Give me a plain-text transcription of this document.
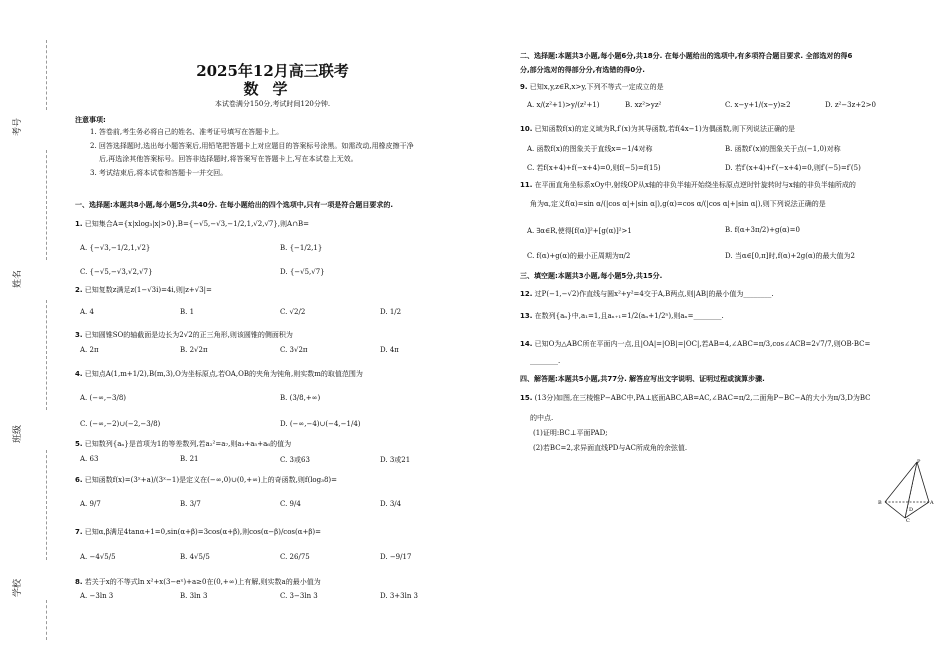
考号
姓名
班级
学校
2025年12月高三联考
数学
本试卷满分150分,考试时间120分钟.
注意事项:
1. 答卷前,考生务必将自己的姓名、准考证号填写在答题卡上。
2. 回答选择题时,选出每小题答案后,用铅笔把答题卡上对应题目的答案标号涂黑。如需改动,用橡皮擦干净
后,再选涂其他答案标号。回答非选择题时,将答案写在答题卡上,写在本试卷上无效。
3. 考试结束后,将本试卷和答题卡一并交回。
一、选择题:本题共8小题,每小题5分,共40分. 在每小题给出的四个选项中,只有一项是符合题目要求的.
1. 已知集合A={x|xlog₃|x|>0},B={−√5,−√3,−1/2,1,√2,√7},则A∩B=
A. {−√3,−1/2,1,√2}	B. {−1/2,1}
C. {−√5,−√3,√2,√7}	D. {−√5,√7}
2. 已知复数z满足z(1−√3i)=4i,则|z+√3|=
A. 4	B. 1	C. √2/2	D. 1/2
3. 已知圆锥SO的轴截面是边长为2√2的正三角形,则该圆锥的侧面积为
A. 2π	B. 2√2π	C. 3√2π	D. 4π
4. 已知点A(1,m+1/2),B(m,3),O为坐标原点,若OA,OB的夹角为钝角,则实数m的取值范围为
A. (−∞,−3/8)	B. (3/8,+∞)
C. (−∞,−2)∪(−2,−3/8)	D. (−∞,−4)∪(−4,−1/4)
5. 已知数列{aₙ}是首项为1的等差数列,若a₂²=a₇,则a₃+a₅+a₆的值为
A. 63	B. 21	C. 3或63	D. 3或21
6. 已知函数f(x)=(3ˣ+a)/(3ˣ−1)是定义在(−∞,0)∪(0,+∞)上的奇函数,则f(log₃8)=
A. 9/7	B. 3/7	C. 9/4	D. 3/4
7. 已知α,β满足4tanα+1=0,sin(α+β)=3cos(α+β),则cos(α−β)/cos(α+β)=
A. −4√5/5	B. 4√5/5	C. 26/75	D. −9/17
8. 若关于x的不等式ln x²+x(3−eˣ)+a≥0在(0,+∞)上有解,则实数a的最小值为
A. −3ln 3	B. 3ln 3	C. 3−3ln 3	D. 3+3ln 3
二、选择题:本题共3小题,每小题6分,共18分. 在每小题给出的选项中,有多项符合题目要求. 全部选对的得6
分,部分选对的得部分分,有选错的得0分.
9. 已知x,y,z∈R,x>y,下列不等式一定成立的是
A. x/(z²+1)>y/(z²+1)	B. xz²>yz²	C. x−y+1/(x−y)≥2	D. z²−3z+2>0
10. 已知函数f(x)的定义域为R,f′(x)为其导函数,若f(4x−1)为偶函数,则下列说法正确的是
A. 函数f(x)的图象关于直线x=−1/4对称	B. 函数f′(x)的图象关于点(−1,0)对称
C. 若f(x+4)+f(−x+4)=0,则f(−5)=f(15)	D. 若f′(x+4)+f′(−x+4)=0,则f′(−5)=f′(5)
11. 在平面直角坐标系xOy中,射线OP从x轴的非负半轴开始绕坐标原点逆时针旋转时与x轴的非负半轴所成的
角为α,定义f(α)=sin α/(|cos α|+|sin α|),g(α)=cos α/(|cos α|+|sin α|),则下列说法正确的是
A. ∃α∈R,使得[f(α)]²+[g(α)]²>1	B. f(α+3π/2)+g(α)=0
C. f(α)+g(α)的最小正周期为π/2	D. 当α∈[0,π]时,f(α)+2g(α)的最大值为2
三、填空题:本题共3小题,每小题5分,共15分.
12. 过P(−1,−√2)作直线与圆x²+y²=4交于A,B两点,则|AB|的最小值为________.
13. 在数列{aₙ}中,a₁=1,且aₙ₊₁=1/2(aₙ+1/2ⁿ),则aₙ=________.
14. 已知O为△ABC所在平面内一点,且|OA|=|OB|=|OC|,若AB=4,∠ABC=π/3,cos∠ACB=2√7/7,则OB·BC=
________.
四、解答题:本题共5小题,共77分. 解答应写出文字说明、证明过程或演算步骤.
15. (13分)如图,在三棱锥P−ABC中,PA⊥底面ABC,AB=AC,∠BAC=π/2,二面角P−BC−A的大小为π/3,D为BC
的中点.
(1)证明:BC⊥平面PAD;
(2)若BC=2,求异面直线PD与AC所成角的余弦值.
P
B
C
A
D
